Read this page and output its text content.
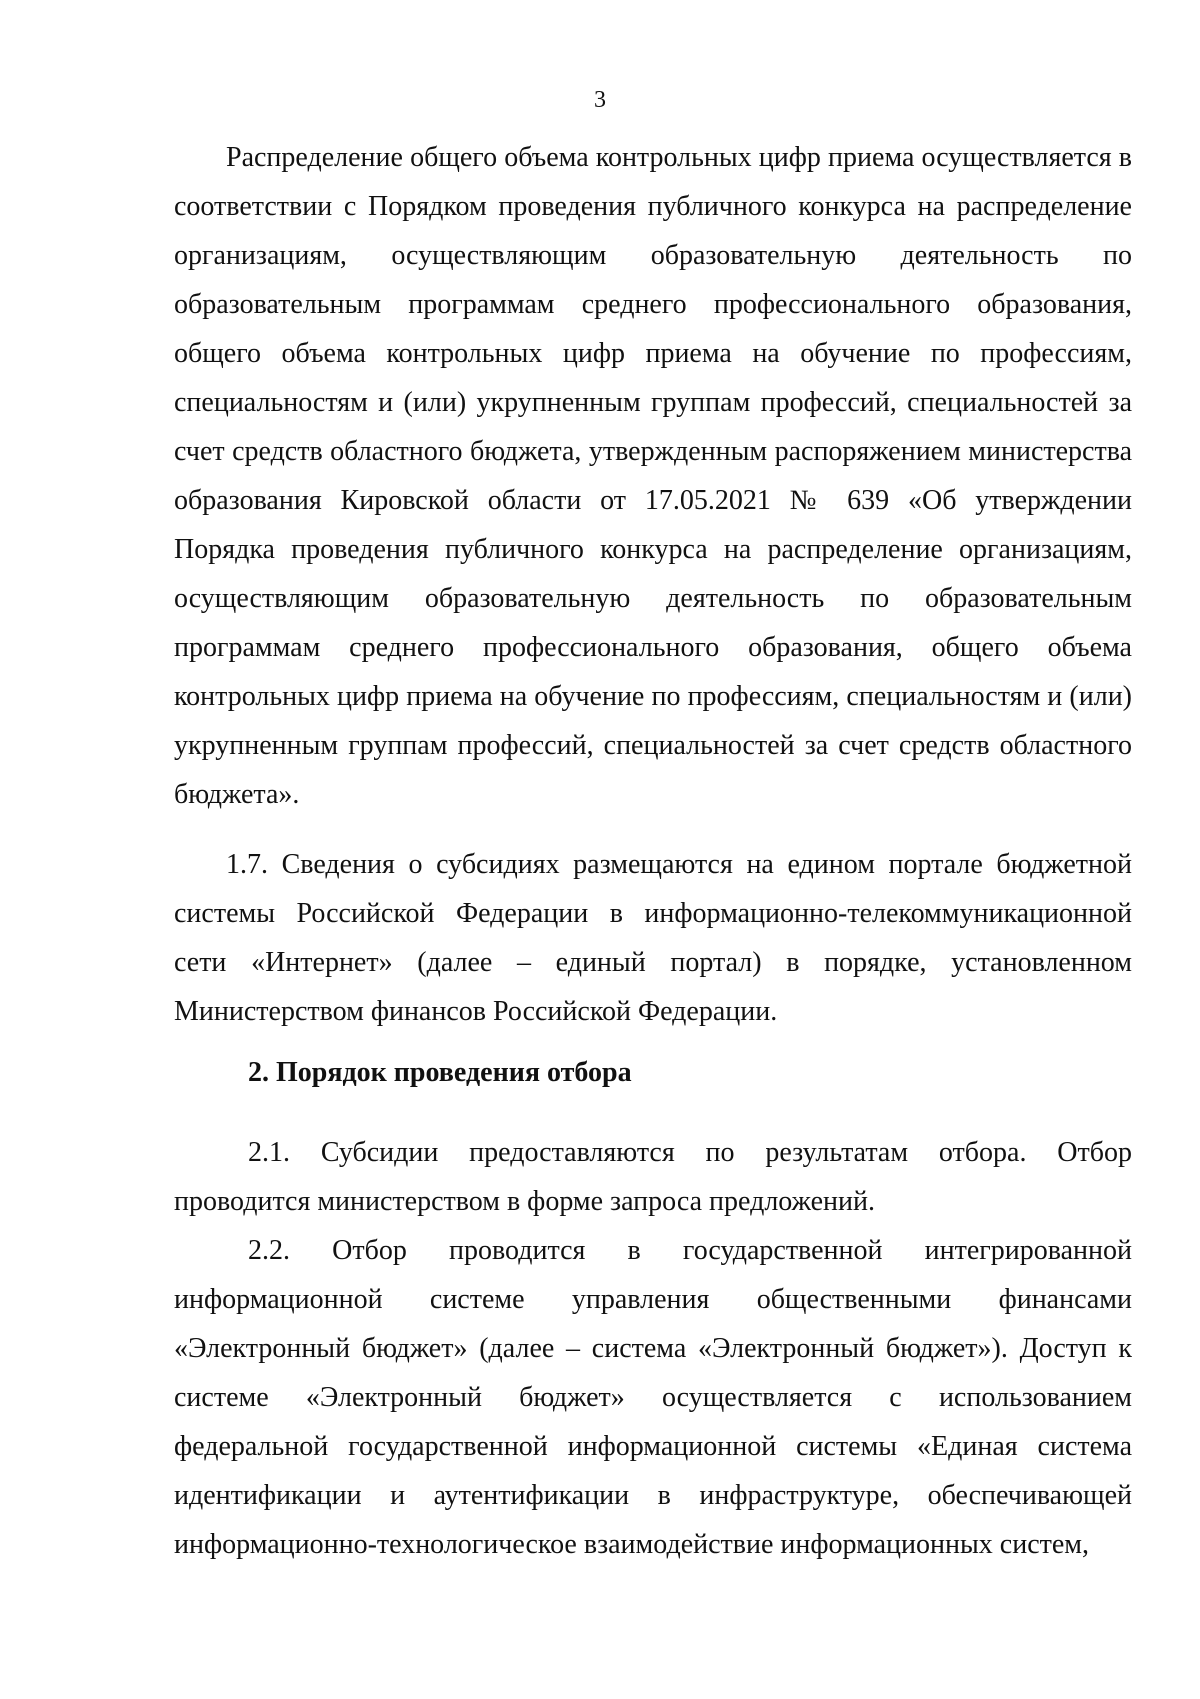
3

Распределение общего объема контрольных цифр приема осуществляется в соответствии с Порядком проведения публичного конкурса на распределение организациям, осуществляющим образовательную деятельность по образовательным программам среднего профессионального образования, общего объема контрольных цифр приема на обучение по профессиям, специальностям и (или) укрупненным группам профессий, специальностей за счет средств областного бюджета, утвержденным распоряжением министерства образования Кировской области от 17.05.2021 № 639 «Об утверждении Порядка проведения публичного конкурса на распределение организациям, осуществляющим образовательную деятельность по образовательным программам среднего профессионального образования, общего объема контрольных цифр приема на обучение по профессиям, специальностям и (или) укрупненным группам профессий, специальностей за счет средств областного бюджета».

1.7. Сведения о субсидиях размещаются на едином портале бюджетной системы Российской Федерации в информационно-телекоммуникационной сети «Интернет» (далее – единый портал) в порядке, установленном Министерством финансов Российской Федерации.

2. Порядок проведения отбора

2.1. Субсидии предоставляются по результатам отбора. Отбор проводится министерством в форме запроса предложений.

2.2. Отбор проводится в государственной интегрированной информационной системе управления общественными финансами «Электронный бюджет» (далее – система «Электронный бюджет»). Доступ к системе «Электронный бюджет» осуществляется с использованием федеральной государственной информационной системы «Единая система идентификации и аутентификации в инфраструктуре, обеспечивающей информационно-технологическое взаимодействие информационных систем,
